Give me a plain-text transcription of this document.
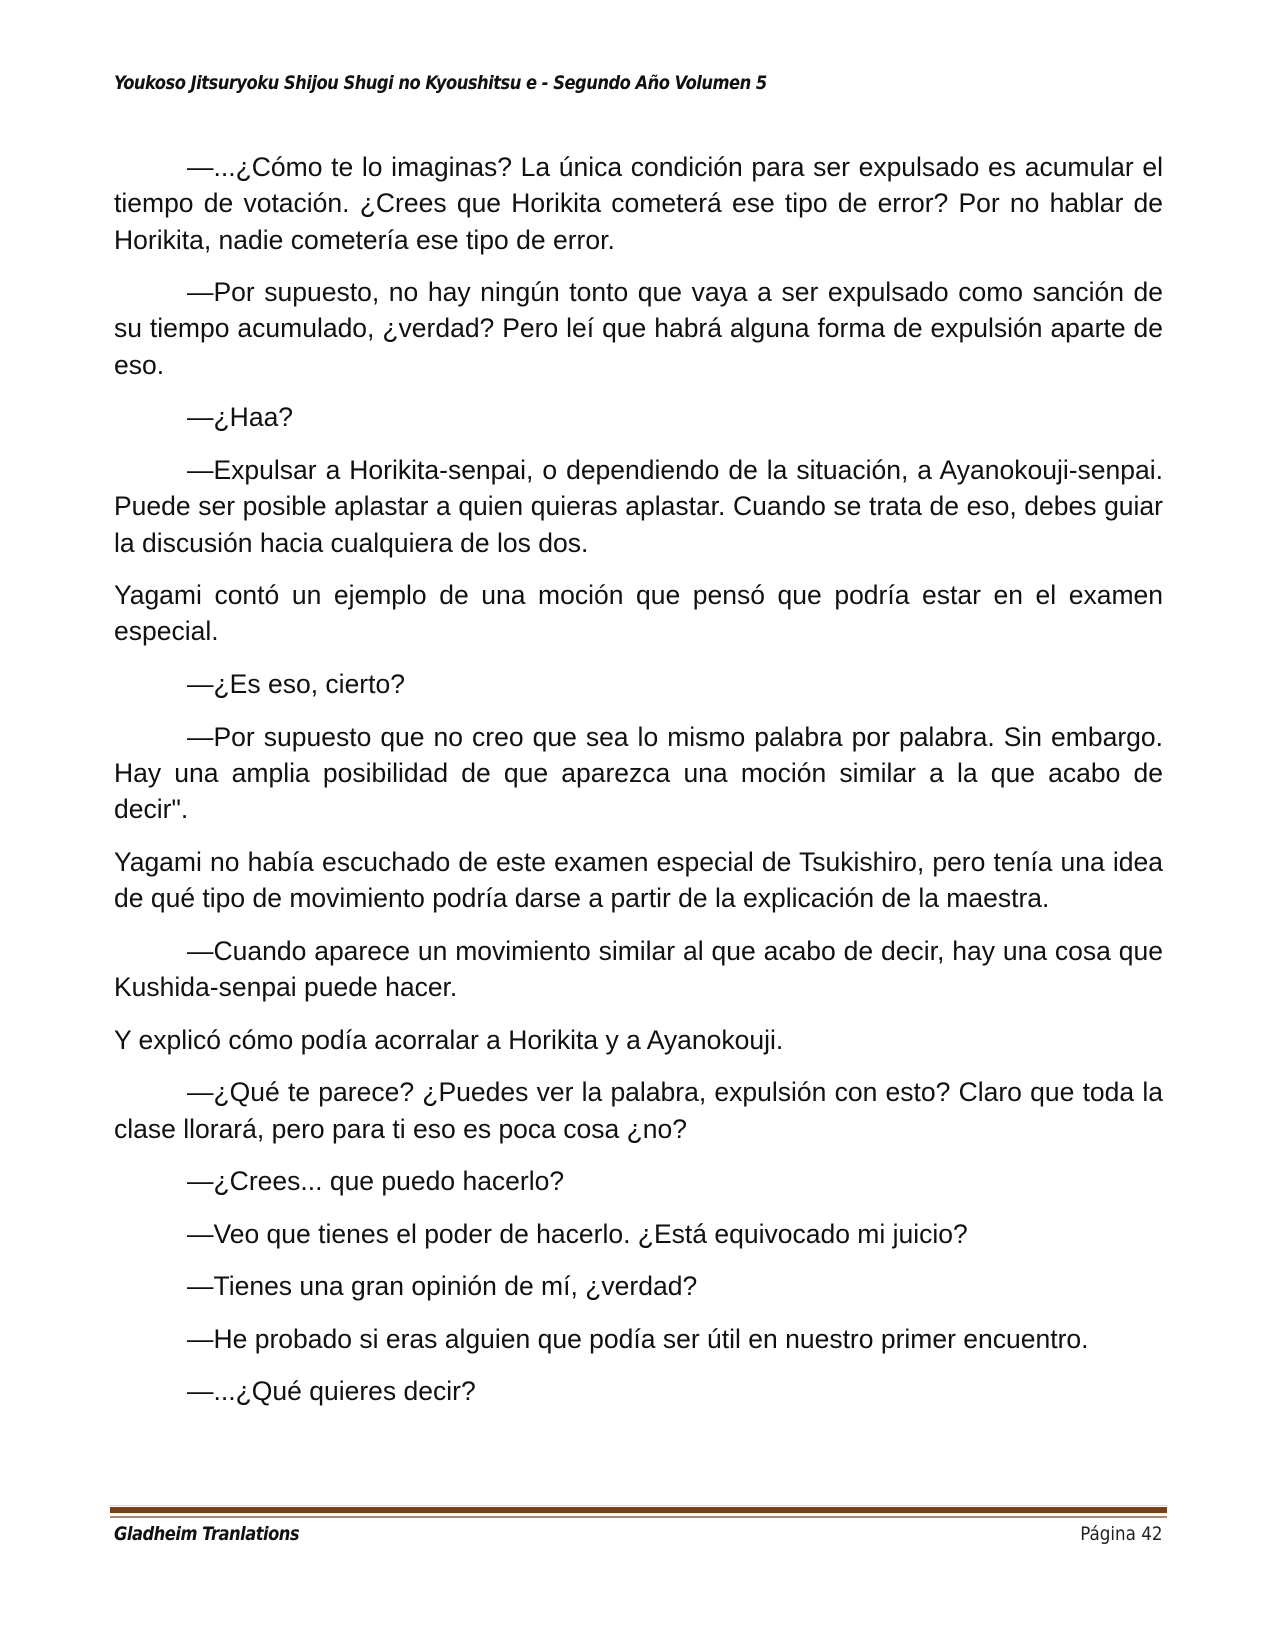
Youkoso Jitsuryoku Shijou Shugi no Kyoushitsu e - Segundo Año Volumen 5

—...¿Cómo te lo imaginas? La única condición para ser expulsado es acumular el tiempo de votación. ¿Crees que Horikita cometerá ese tipo de error? Por no hablar de Horikita, nadie cometería ese tipo de error.

—Por supuesto, no hay ningún tonto que vaya a ser expulsado como sanción de su tiempo acumulado, ¿verdad? Pero leí que habrá alguna forma de expulsión aparte de eso.

—¿Haa?

—Expulsar a Horikita-senpai, o dependiendo de la situación, a Ayanokouji-senpai. Puede ser posible aplastar a quien quieras aplastar. Cuando se trata de eso, debes guiar la discusión hacia cualquiera de los dos.

Yagami contó un ejemplo de una moción que pensó que podría estar en el examen especial.

—¿Es eso, cierto?

—Por supuesto que no creo que sea lo mismo palabra por palabra. Sin embargo. Hay una amplia posibilidad de que aparezca una moción similar a la que acabo de decir".

Yagami no había escuchado de este examen especial de Tsukishiro, pero tenía una idea de qué tipo de movimiento podría darse a partir de la explicación de la maestra.

—Cuando aparece un movimiento similar al que acabo de decir, hay una cosa que Kushida-senpai puede hacer.

Y explicó cómo podía acorralar a Horikita y a Ayanokouji.

—¿Qué te parece? ¿Puedes ver la palabra, expulsión con esto? Claro que toda la clase llorará, pero para ti eso es poca cosa ¿no?

—¿Crees... que puedo hacerlo?

—Veo que tienes el poder de hacerlo. ¿Está equivocado mi juicio?

—Tienes una gran opinión de mí, ¿verdad?

—He probado si eras alguien que podía ser útil en nuestro primer encuentro.

—...¿Qué quieres decir?

Gladheim Tranlations	Página 42
